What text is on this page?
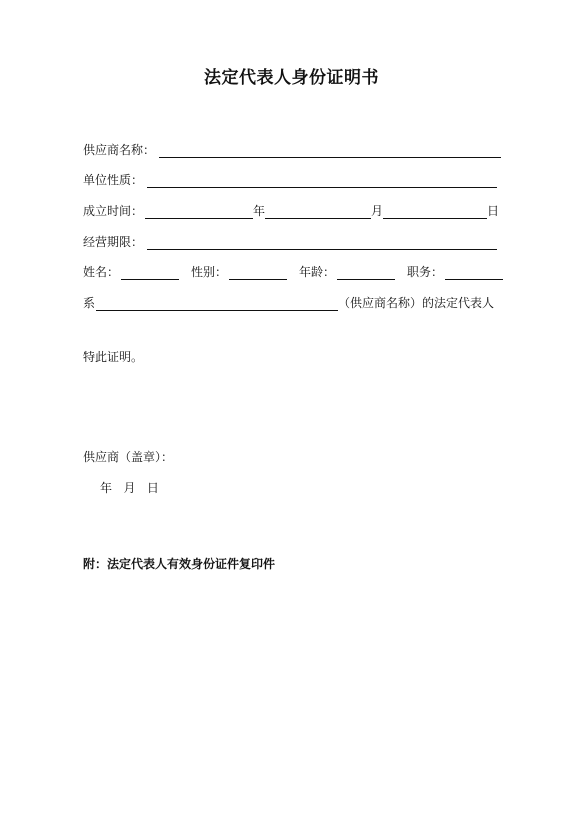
法定代表人身份证明书
供应商名称：
单位性质：
成立时间：	年	月	日
经营期限：
姓名：	性别：	年龄：	职务：
系	（供应商名称）的法定代表人
特此证明。
供应商（盖章）：
年   月   日
附：法定代表人有效身份证件复印件
